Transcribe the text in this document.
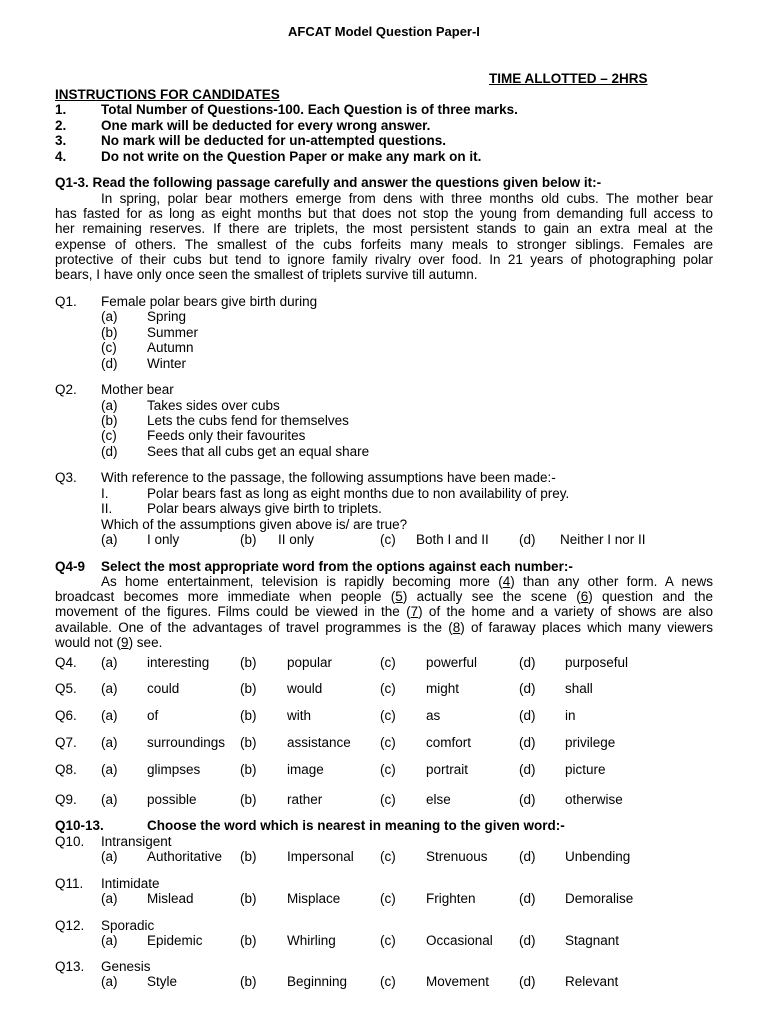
AFCAT Model Question Paper-I
TIME ALLOTTED – 2HRS
INSTRUCTIONS FOR CANDIDATES
1.	Total Number of Questions-100. Each Question is of three marks.
2.	One mark will be deducted for every wrong answer.
3.	No mark will be deducted for un-attempted questions.
4.	Do not write on the Question Paper or make any mark on it.
Q1-3. Read the following passage carefully and answer the questions given below it:-
In spring, polar bear mothers emerge from dens with three months old cubs. The mother bear
has fasted for as long as eight months but that does not stop the young from demanding full access to
her remaining reserves. If there are triplets, the most persistent stands to gain an extra meal at the
expense of others. The smallest of the cubs forfeits many meals to stronger siblings. Females are
protective of their cubs but tend to ignore family rivalry over food. In 21 years of photographing polar
bears, I have only once seen the smallest of triplets survive till autumn.
Q1. Female polar bears give birth during
(a) Spring
(b) Summer
(c) Autumn
(d) Winter
Q2. Mother bear
(a) Takes sides over cubs
(b) Lets the cubs fend for themselves
(c) Feeds only their favourites
(d) Sees that all cubs get an equal share
Q3. With reference to the passage, the following assumptions have been made:-
I.	Polar bears fast as long as eight months due to non availability of prey.
II.	Polar bears always give birth to triplets.
Which of the assumptions given above is/ are true?
(a) I only	(b) II only	(c) Both I and II (d) Neither I nor II
Q4-9 Select the most appropriate word from the options against each number:-
As home entertainment, television is rapidly becoming more (4) than any other form. A news
broadcast becomes more immediate when people (5) actually see the scene (6) question and the
movement of the figures. Films could be viewed in the (7) of the home and a variety of shows are also
available. One of the advantages of travel programmes is the (8) of faraway places which many viewers
would not (9) see.
Q4. (a) interesting (b) popular	(c) powerful	(d) purposeful
Q5. (a) could	(b) would	(c) might	(d) shall
Q6. (a) of	(b) with	(c) as	(d) in
Q7. (a) surroundings (b) assistance (c) comfort	(d) privilege
Q8. (a) glimpses	(b) image	(c) portrait	(d) picture
Q9. (a) possible	(b) rather	(c) else	(d) otherwise
Q10-13.	Choose the word which is nearest in meaning to the given word:-
Q10. Intransigent
(a) Authoritative (b) Impersonal (c) Strenuous (d) Unbending
Q11. Intimidate
(a) Mislead	(b) Misplace	(c) Frighten	(d) Demoralise
Q12. Sporadic
(a) Epidemic	(b) Whirling	(c) Occasional (d) Stagnant
Q13. Genesis
(a) Style	(b) Beginning (c) Movement (d) Relevant
